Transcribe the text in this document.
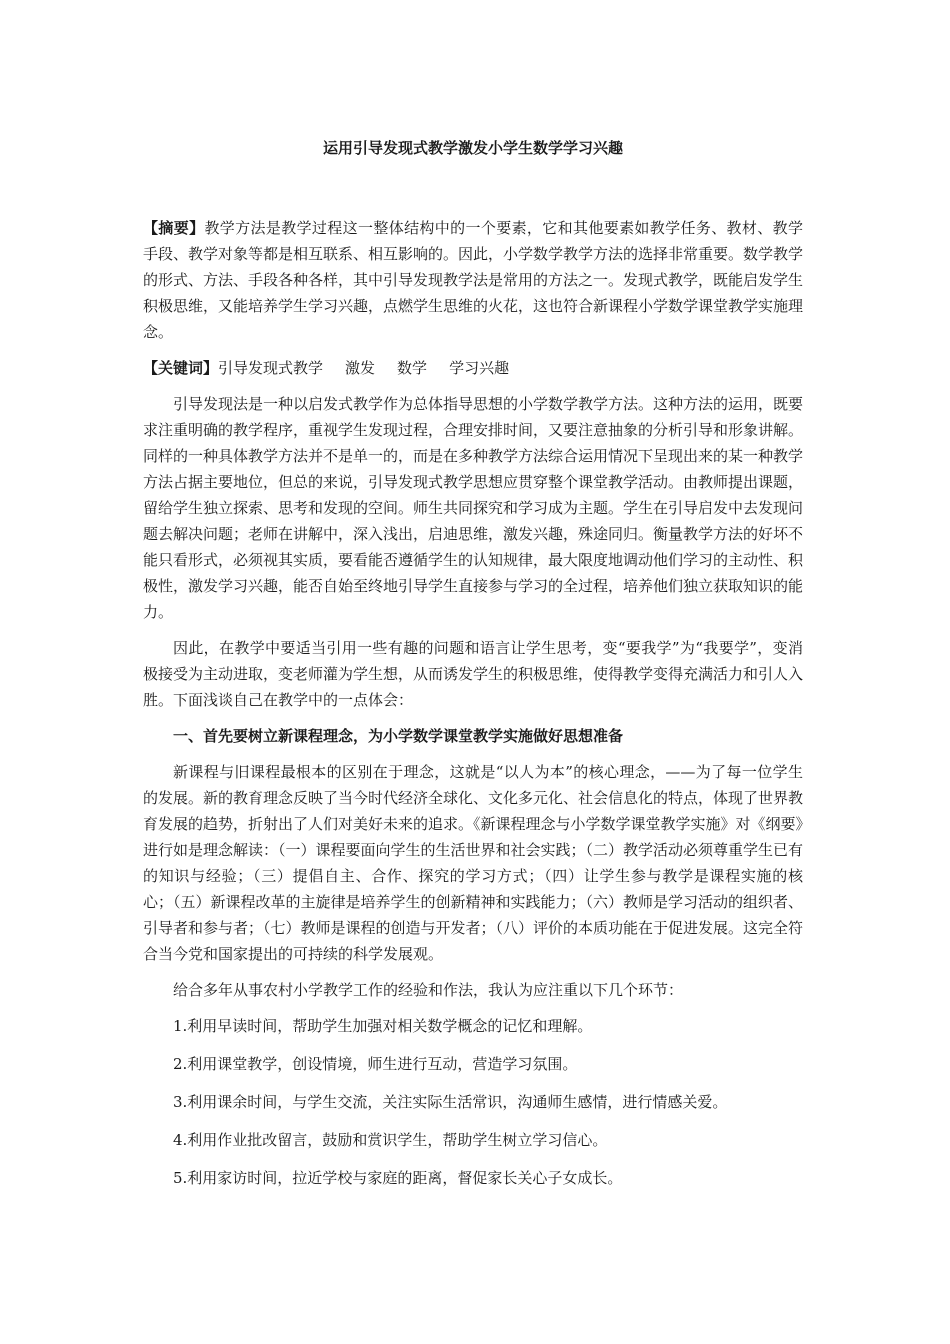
运用引导发现式教学激发小学生数学学习兴趣

【摘要】教学方法是教学过程这一整体结构中的一个要素，它和其他要素如教学任务、教材、教学手段、教学对象等都是相互联系、相互影响的。因此，小学数学教学方法的选择非常重要。数学教学的形式、方法、手段各种各样，其中引导发现教学法是常用的方法之一。发现式教学，既能启发学生积极思维，又能培养学生学习兴趣，点燃学生思维的火花，这也符合新课程小学数学课堂教学实施理念。

【关键词】引导发现式教学 激发 数学 学习兴趣

引导发现法是一种以启发式教学作为总体指导思想的小学数学教学方法。这种方法的运用，既要求注重明确的教学程序，重视学生发现过程，合理安排时间，又要注意抽象的分析引导和形象讲解。同样的一种具体教学方法并不是单一的，而是在多种教学方法综合运用情况下呈现出来的某一种教学方法占据主要地位，但总的来说，引导发现式教学思想应贯穿整个课堂教学活动。由教师提出课题，留给学生独立探索、思考和发现的空间。师生共同探究和学习成为主题。学生在引导启发中去发现问题去解决问题；老师在讲解中，深入浅出，启迪思维，激发兴趣，殊途同归。衡量教学方法的好坏不能只看形式，必须视其实质，要看能否遵循学生的认知规律，最大限度地调动他们学习的主动性、积极性，激发学习兴趣，能否自始至终地引导学生直接参与学习的全过程，培养他们独立获取知识的能力。

因此，在教学中要适当引用一些有趣的问题和语言让学生思考，变“要我学”为“我要学”，变消极接受为主动进取，变老师灌为学生想，从而诱发学生的积极思维，使得教学变得充满活力和引人入胜。下面浅谈自己在教学中的一点体会：

一、首先要树立新课程理念，为小学数学课堂教学实施做好思想准备

新课程与旧课程最根本的区别在于理念，这就是“以人为本”的核心理念，——为了每一位学生的发展。新的教育理念反映了当今时代经济全球化、文化多元化、社会信息化的特点，体现了世界教育发展的趋势，折射出了人们对美好未来的追求。《新课程理念与小学数学课堂教学实施》对《纲要》进行如是理念解读：（一）课程要面向学生的生活世界和社会实践；（二）教学活动必须尊重学生已有的知识与经验；（三）提倡自主、合作、探究的学习方式；（四）让学生参与教学是课程实施的核心；（五）新课程改革的主旋律是培养学生的创新精神和实践能力；（六）教师是学习活动的组织者、引导者和参与者；（七）教师是课程的创造与开发者；（八）评价的本质功能在于促进发展。这完全符合当今党和国家提出的可持续的科学发展观。

给合多年从事农村小学教学工作的经验和作法，我认为应注重以下几个环节：

1.利用早读时间，帮助学生加强对相关数学概念的记忆和理解。

2.利用课堂教学，创设情境，师生进行互动，营造学习氛围。

3.利用课余时间，与学生交流，关注实际生活常识，沟通师生感情，进行情感关爱。

4.利用作业批改留言，鼓励和赏识学生，帮助学生树立学习信心。

5.利用家访时间，拉近学校与家庭的距离，督促家长关心子女成长。
